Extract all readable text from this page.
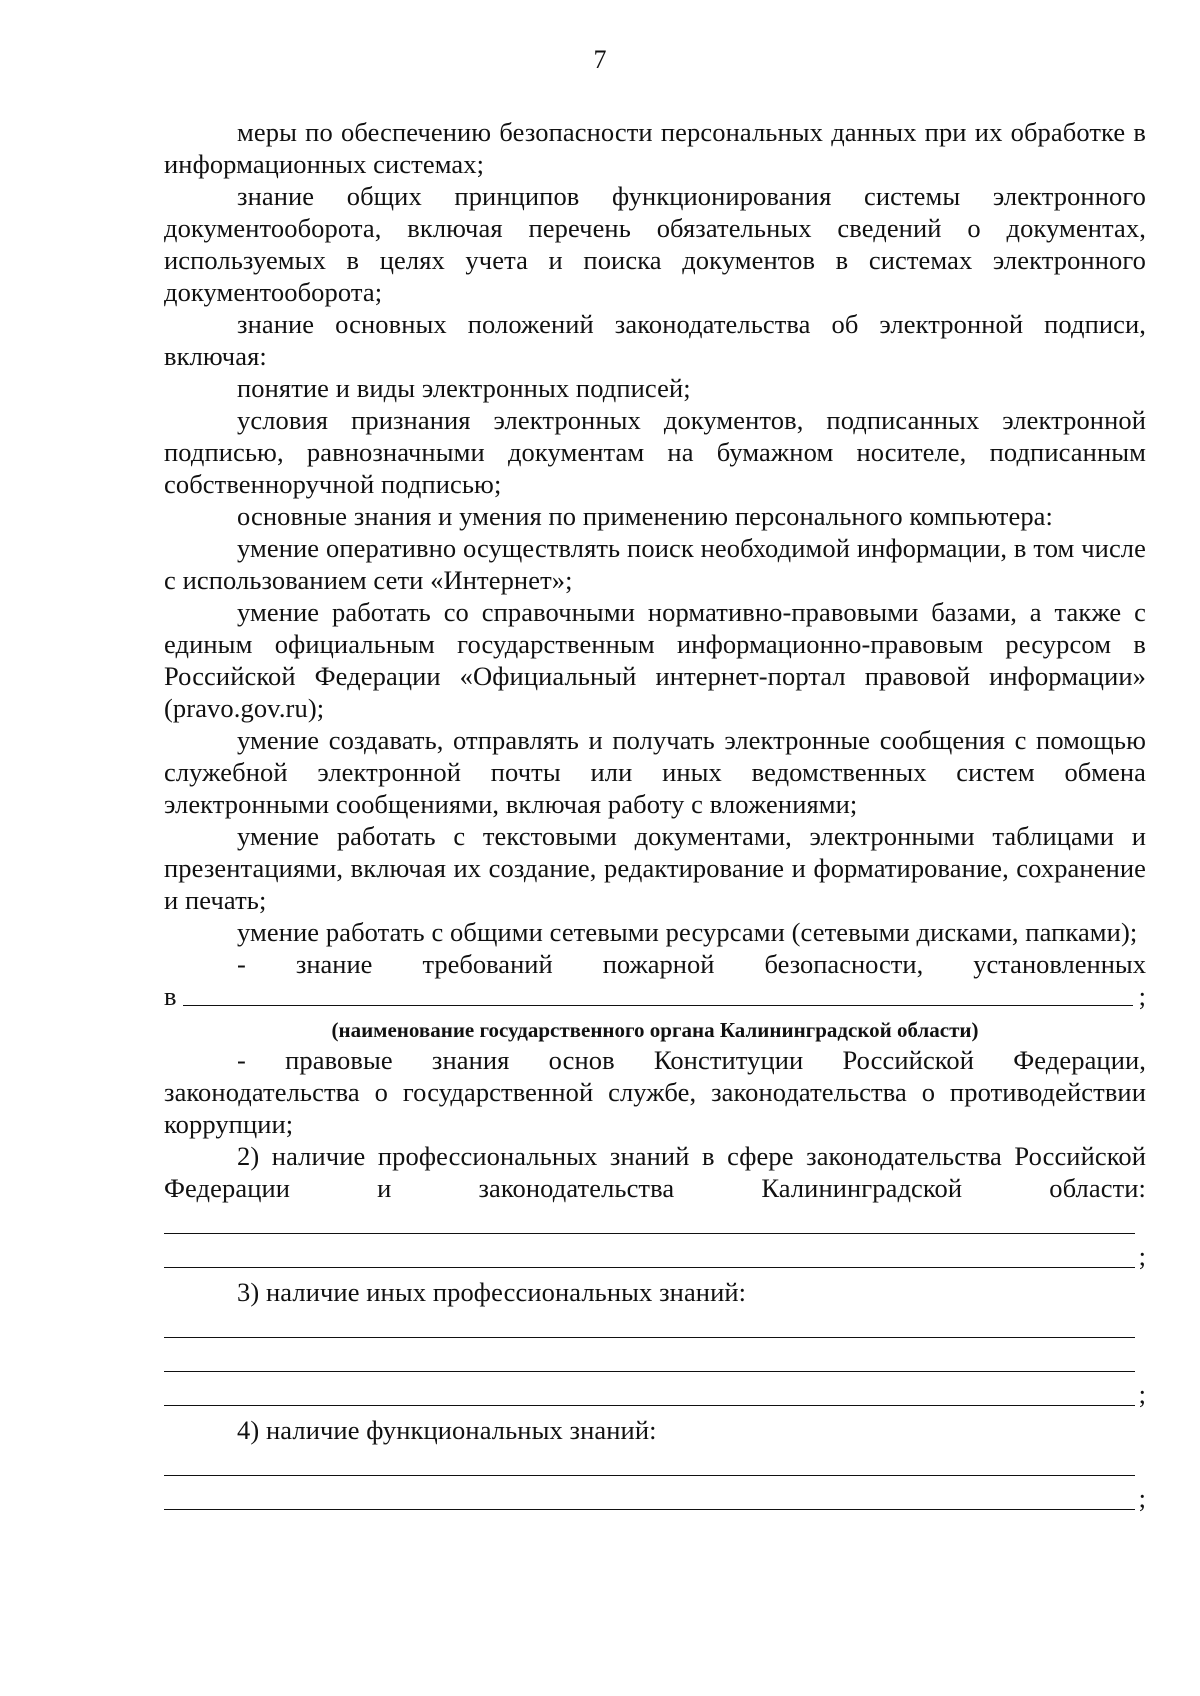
7

меры по обеспечению безопасности персональных данных при их обработке в информационных системах;

знание общих принципов функционирования системы электронного документооборота, включая перечень обязательных сведений о документах, используемых в целях учета и поиска документов в системах электронного документооборота;

знание основных положений законодательства об электронной подписи, включая:

понятие и виды электронных подписей;

условия признания электронных документов, подписанных электронной подписью, равнозначными документам на бумажном носителе, подписанным собственноручной подписью;

основные знания и умения по применению персонального компьютера:

умение оперативно осуществлять поиск необходимой информации, в том числе с использованием сети «Интернет»;

умение работать со справочными нормативно-правовыми базами, а также с единым официальным государственным информационно-правовым ресурсом в Российской Федерации «Официальный интернет-портал правовой информации» (pravo.gov.ru);

умение создавать, отправлять и получать электронные сообщения с помощью служебной электронной почты или иных ведомственных систем обмена электронными сообщениями, включая работу с вложениями;

умение работать с текстовыми документами, электронными таблицами и презентациями, включая их создание, редактирование и форматирование, сохранение и печать;

умение работать с общими сетевыми ресурсами (сетевыми дисками, папками);

- знание требований пожарной безопасности, установленных
в	;
(наименование государственного органа Калининградской области)

- правовые знания основ Конституции Российской Федерации, законодательства о государственной службе, законодательства о противодействии коррупции;

2) наличие профессиональных знаний в сфере законодательства Российской Федерации и законодательства Калининградской области:

;

3) наличие иных профессиональных знаний:

;

4) наличие функциональных знаний:

;
